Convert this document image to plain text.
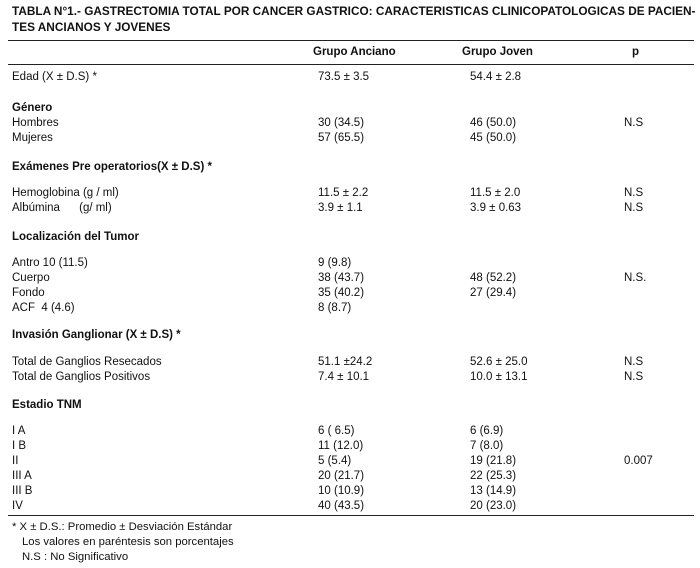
TABLA N°1.- GASTRECTOMIA TOTAL POR CANCER GASTRICO: CARACTERISTICAS CLINICOPATOLOGICAS DE PACIEN-
TES ANCIANOS Y JOVENES
Grupo Anciano	Grupo Joven	p
Edad (X ± D.S) *	73.5 ± 3.5	54.4 ± 2.8
Género
Hombres	30 (34.5)	46 (50.0)	N.S
Mujeres	57 (65.5)	45 (50.0)
Exámenes Pre operatorios(X ± D.S) *
Hemoglobina (g / ml)	11.5 ± 2.2	11.5 ± 2.0	N.S
Albúmina      (g/ ml)	3.9 ± 1.1	3.9 ± 0.63	N.S
Localización del Tumor
Antro 10 (11.5)	9 (9.8)
Cuerpo	38 (43.7)	48 (52.2)	N.S.
Fondo	35 (40.2)	27 (29.4)
ACF  4 (4.6)	8 (8.7)
Invasión Ganglionar (X ± D.S) *
Total de Ganglios Resecados	51.1 ±24.2	52.6 ± 25.0	N.S
Total de Ganglios Positivos	7.4 ± 10.1	10.0 ± 13.1	N.S
Estadio TNM
I A	6 ( 6.5)	6 (6.9)
I B	11 (12.0)	7 (8.0)
II	5 (5.4)	19 (21.8)	0.007
III A	20 (21.7)	22 (25.3)
III B	10 (10.9)	13 (14.9)
IV	40 (43.5)	20 (23.0)
* X ± D.S.: Promedio ± Desviación Estándar
Los valores en paréntesis son porcentajes
N.S : No Significativo
